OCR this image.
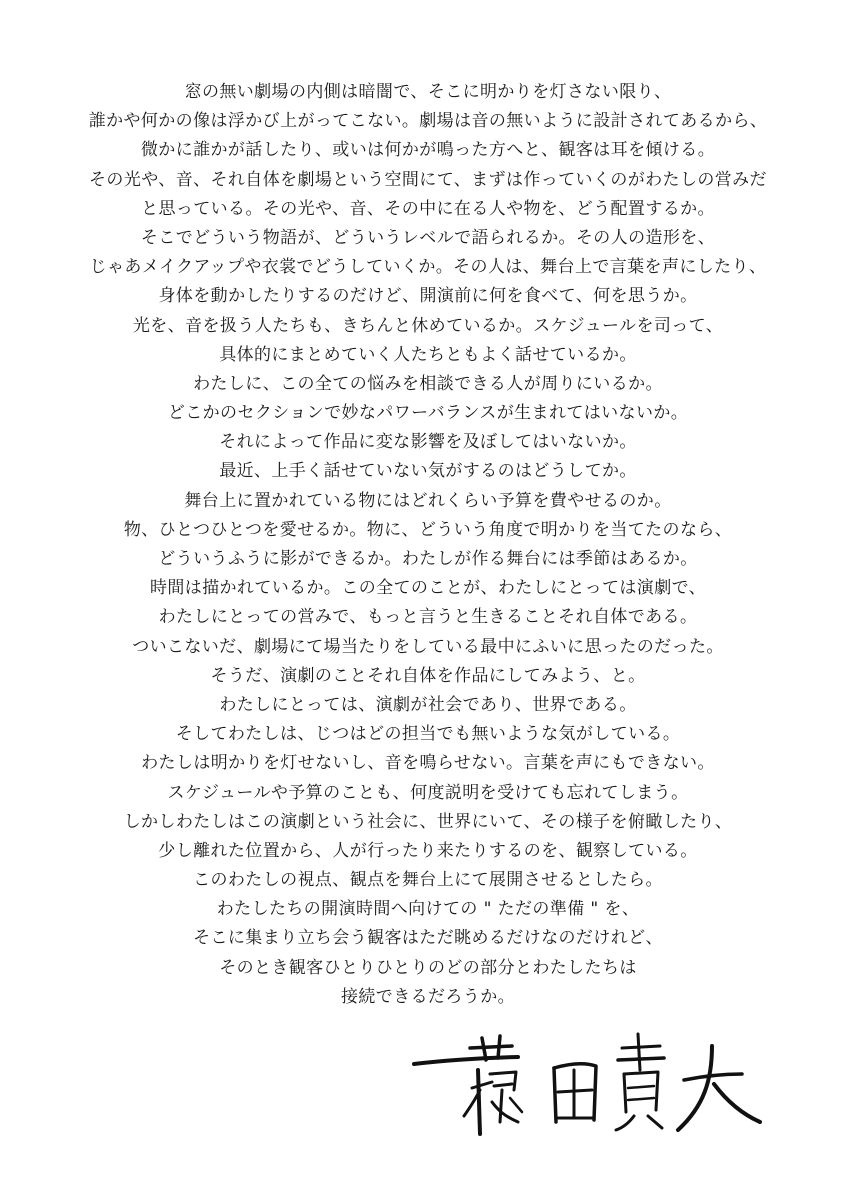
窓の無い劇場の内側は暗闇で、そこに明かりを灯さない限り、
誰かや何かの像は浮かび上がってこない。劇場は音の無いように設計されてあるから、
微かに誰かが話したり、或いは何かが鳴った方へと、観客は耳を傾ける。
その光や、音、それ自体を劇場という空間にて、まずは作っていくのがわたしの営みだ
と思っている。その光や、音、その中に在る人や物を、どう配置するか。
そこでどういう物語が、どういうレベルで語られるか。その人の造形を、
じゃあメイクアップや衣裳でどうしていくか。その人は、舞台上で言葉を声にしたり、
身体を動かしたりするのだけど、開演前に何を食べて、何を思うか。
光を、音を扱う人たちも、きちんと休めているか。スケジュールを司って、
具体的にまとめていく人たちともよく話せているか。
わたしに、この全ての悩みを相談できる人が周りにいるか。
どこかのセクションで妙なパワーバランスが生まれてはいないか。
それによって作品に変な影響を及ぼしてはいないか。
最近、上手く話せていない気がするのはどうしてか。
舞台上に置かれている物にはどれくらい予算を費やせるのか。
物、ひとつひとつを愛せるか。物に、どういう角度で明かりを当てたのなら、
どういうふうに影ができるか。わたしが作る舞台には季節はあるか。
時間は描かれているか。この全てのことが、わたしにとっては演劇で、
わたしにとっての営みで、もっと言うと生きることそれ自体である。
ついこないだ、劇場にて場当たりをしている最中にふいに思ったのだった。
そうだ、演劇のことそれ自体を作品にしてみよう、と。
わたしにとっては、演劇が社会であり、世界である。
そしてわたしは、じつはどの担当でも無いような気がしている。
わたしは明かりを灯せないし、音を鳴らせない。言葉を声にもできない。
スケジュールや予算のことも、何度説明を受けても忘れてしまう。
しかしわたしはこの演劇という社会に、世界にいて、その様子を俯瞰したり、
少し離れた位置から、人が行ったり来たりするのを、観察している。
このわたしの視点、観点を舞台上にて展開させるとしたら。
わたしたちの開演時間へ向けての " ただの準備 " を、
そこに集まり立ち会う観客はただ眺めるだけなのだけれど、
そのとき観客ひとりひとりのどの部分とわたしたちは
接続できるだろうか。
